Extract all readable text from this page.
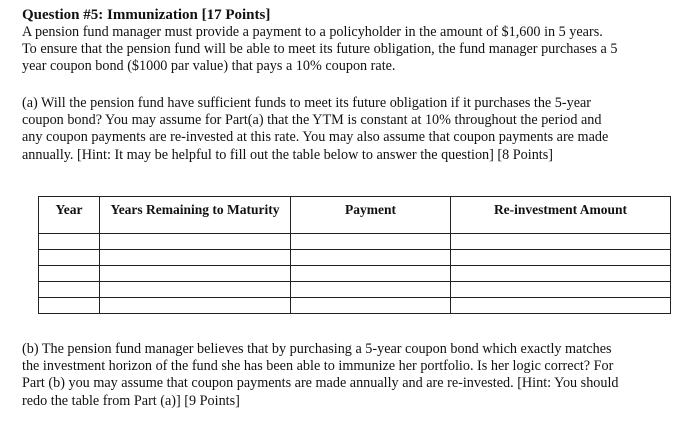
Question #5: Immunization [17 Points]

A pension fund manager must provide a payment to a policyholder in the amount of $1,600 in 5 years.
To ensure that the pension fund will be able to meet its future obligation, the fund manager purchases a 5
year coupon bond ($1000 par value) that pays a 10% coupon rate.

(a) Will the pension fund have sufficient funds to meet its future obligation if it purchases the 5-year
coupon bond? You may assume for Part(a) that the YTM is constant at 10% throughout the period and
any coupon payments are re-invested at this rate. You may also assume that coupon payments are made
annually. [Hint: It may be helpful to fill out the table below to answer the question] [8 Points]

Year	Years Remaining to Maturity	Payment	Re-investment Amount

(b) The pension fund manager believes that by purchasing a 5-year coupon bond which exactly matches
the investment horizon of the fund she has been able to immunize her portfolio. Is her logic correct? For
Part (b) you may assume that coupon payments are made annually and are re-invested. [Hint: You should
redo the table from Part (a)] [9 Points]
